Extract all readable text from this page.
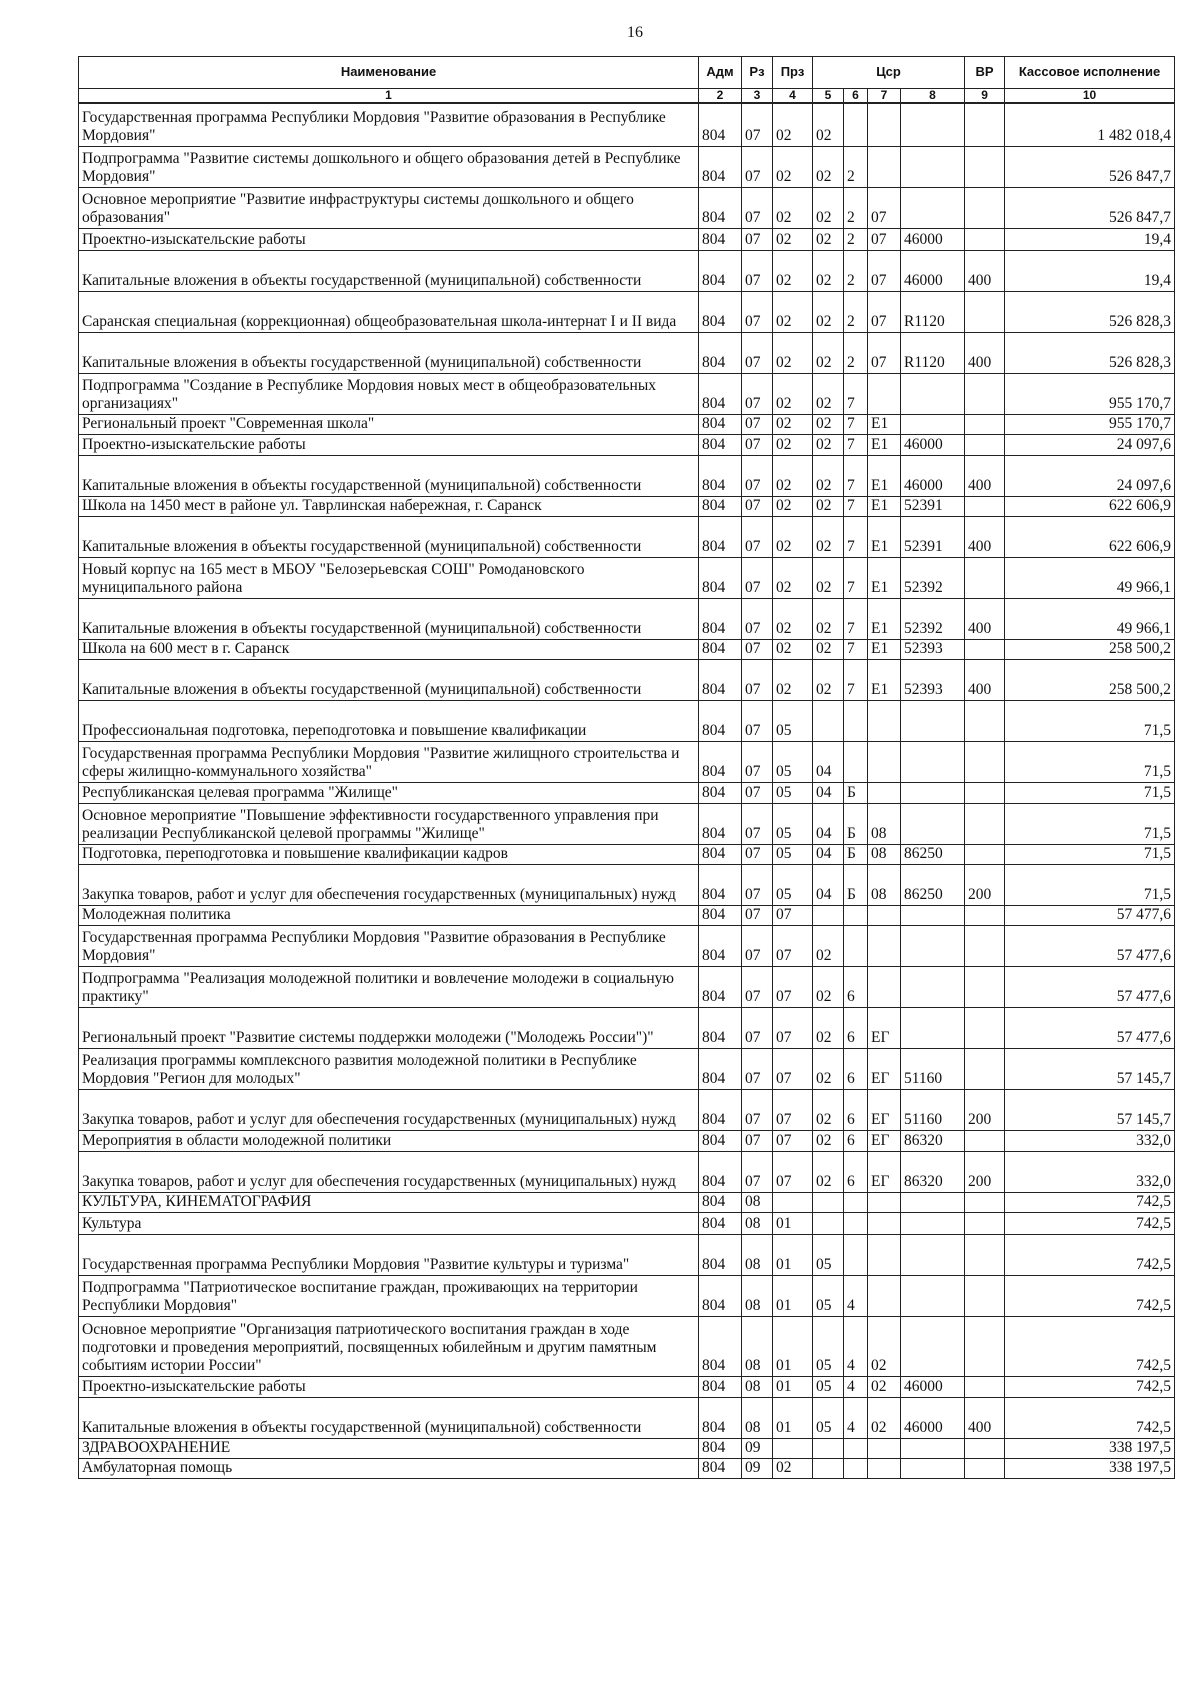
16
Наименование	Адм	Рз	Прз	Цср				ВР	Кассовое исполнение
1	2	3	4	5	6	7	8	9	10
Государственная программа Республики Мордовия "Развитие образования в Республике Мордовия"	804	07	02	02					1 482 018,4
Подпрограмма "Развитие системы дошкольного и общего образования детей в Республике Мордовия"	804	07	02	02	2				526 847,7
Основное мероприятие "Развитие инфраструктуры системы дошкольного и общего образования"	804	07	02	02	2	07			526 847,7
Проектно-изыскательские работы	804	07	02	02	2	07	46000		19,4
Капитальные вложения в объекты государственной (муниципальной) собственности	804	07	02	02	2	07	46000	400	19,4
Саранская специальная (коррекционная) общеобразовательная школа-интернат I и II вида	804	07	02	02	2	07	R1120		526 828,3
Капитальные вложения в объекты государственной (муниципальной) собственности	804	07	02	02	2	07	R1120	400	526 828,3
Подпрограмма "Создание в Республике Мордовия новых мест в общеобразовательных организациях"	804	07	02	02	7				955 170,7
Региональный проект "Современная школа"	804	07	02	02	7	E1			955 170,7
Проектно-изыскательские работы	804	07	02	02	7	E1	46000		24 097,6
Капитальные вложения в объекты государственной (муниципальной) собственности	804	07	02	02	7	E1	46000	400	24 097,6
Школа на 1450 мест в районе ул. Таврлинская набережная, г. Саранск	804	07	02	02	7	E1	52391		622 606,9
Капитальные вложения в объекты государственной (муниципальной) собственности	804	07	02	02	7	E1	52391	400	622 606,9
Новый корпус на 165 мест в МБОУ "Белозерьевская СОШ" Ромодановского муниципального района	804	07	02	02	7	E1	52392		49 966,1
Капитальные вложения в объекты государственной (муниципальной) собственности	804	07	02	02	7	E1	52392	400	49 966,1
Школа на 600 мест в г. Саранск	804	07	02	02	7	E1	52393		258 500,2
Капитальные вложения в объекты государственной (муниципальной) собственности	804	07	02	02	7	E1	52393	400	258 500,2
Профессиональная подготовка, переподготовка и повышение квалификации	804	07	05						71,5
Государственная программа Республики Мордовия "Развитие жилищного строительства и сферы жилищно-коммунального хозяйства"	804	07	05	04					71,5
Республиканская целевая программа "Жилище"	804	07	05	04	Б				71,5
Основное мероприятие "Повышение эффективности государственного управления при реализации Республиканской целевой программы "Жилище"	804	07	05	04	Б	08			71,5
Подготовка, переподготовка и повышение квалификации кадров	804	07	05	04	Б	08	86250		71,5
Закупка товаров, работ и услуг для обеспечения государственных (муниципальных) нужд	804	07	05	04	Б	08	86250	200	71,5
Молодежная политика	804	07	07						57 477,6
Государственная программа Республики Мордовия "Развитие образования в Республике Мордовия"	804	07	07	02					57 477,6
Подпрограмма "Реализация молодежной политики и вовлечение молодежи в социальную практику"	804	07	07	02	6				57 477,6
Региональный проект "Развитие системы поддержки молодежи ("Молодежь России")"	804	07	07	02	6	ЕГ			57 477,6
Реализация программы комплексного развития молодежной политики в Республике Мордовия "Регион для молодых"	804	07	07	02	6	ЕГ	51160		57 145,7
Закупка товаров, работ и услуг для обеспечения государственных (муниципальных) нужд	804	07	07	02	6	ЕГ	51160	200	57 145,7
Мероприятия в области молодежной политики	804	07	07	02	6	ЕГ	86320		332,0
Закупка товаров, работ и услуг для обеспечения государственных (муниципальных) нужд	804	07	07	02	6	ЕГ	86320	200	332,0
КУЛЬТУРА, КИНЕМАТОГРАФИЯ	804	08							742,5
Культура	804	08	01						742,5
Государственная программа Республики Мордовия "Развитие культуры и туризма"	804	08	01	05					742,5
Подпрограмма "Патриотическое воспитание граждан, проживающих на территории Республики Мордовия"	804	08	01	05	4				742,5
Основное мероприятие "Организация патриотического воспитания граждан в ходе подготовки и проведения мероприятий, посвященных юбилейным и другим памятным событиям истории России"	804	08	01	05	4	02			742,5
Проектно-изыскательские работы	804	08	01	05	4	02	46000		742,5
Капитальные вложения в объекты государственной (муниципальной) собственности	804	08	01	05	4	02	46000	400	742,5
ЗДРАВООХРАНЕНИЕ	804	09							338 197,5
Амбулаторная помощь	804	09	02						338 197,5
